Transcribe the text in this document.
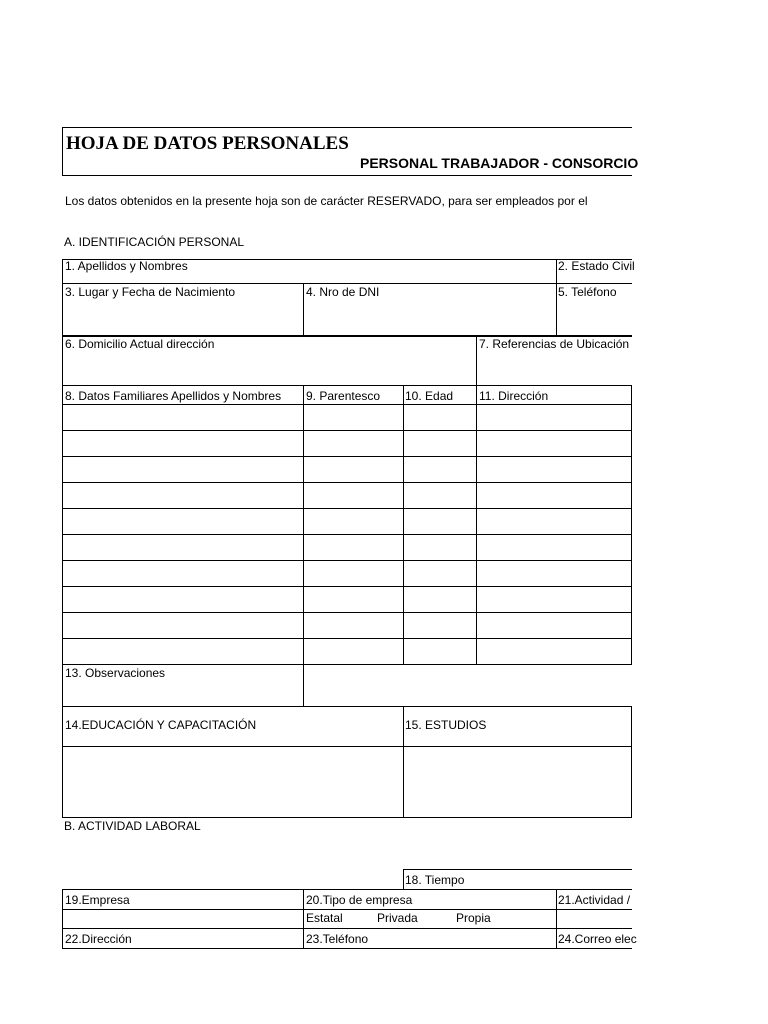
HOJA DE DATOS PERSONALES
PERSONAL TRABAJADOR - CONSORCIO
Los datos obtenidos en la presente hoja son de carácter RESERVADO, para ser empleados por el
A. IDENTIFICACIÓN PERSONAL
1. Apellidos y Nombres	2. Estado Civil
3. Lugar y Fecha de Nacimiento	4. Nro de DNI	5. Teléfono
6. Domicilio Actual dirección	7. Referencias de Ubicación
8. Datos Familiares Apellidos y Nombres 9. Parentesco 10. Edad 11. Dirección
13. Observaciones
14.EDUCACIÓN Y CAPACITACIÓN	15. ESTUDIOS
B. ACTIVIDAD LABORAL
18. Tiempo
19.Empresa	20.Tipo de empresa	21.Actividad /
Estatal	Privada	Propia
22.Dirección	23.Teléfono	24.Correo elec
